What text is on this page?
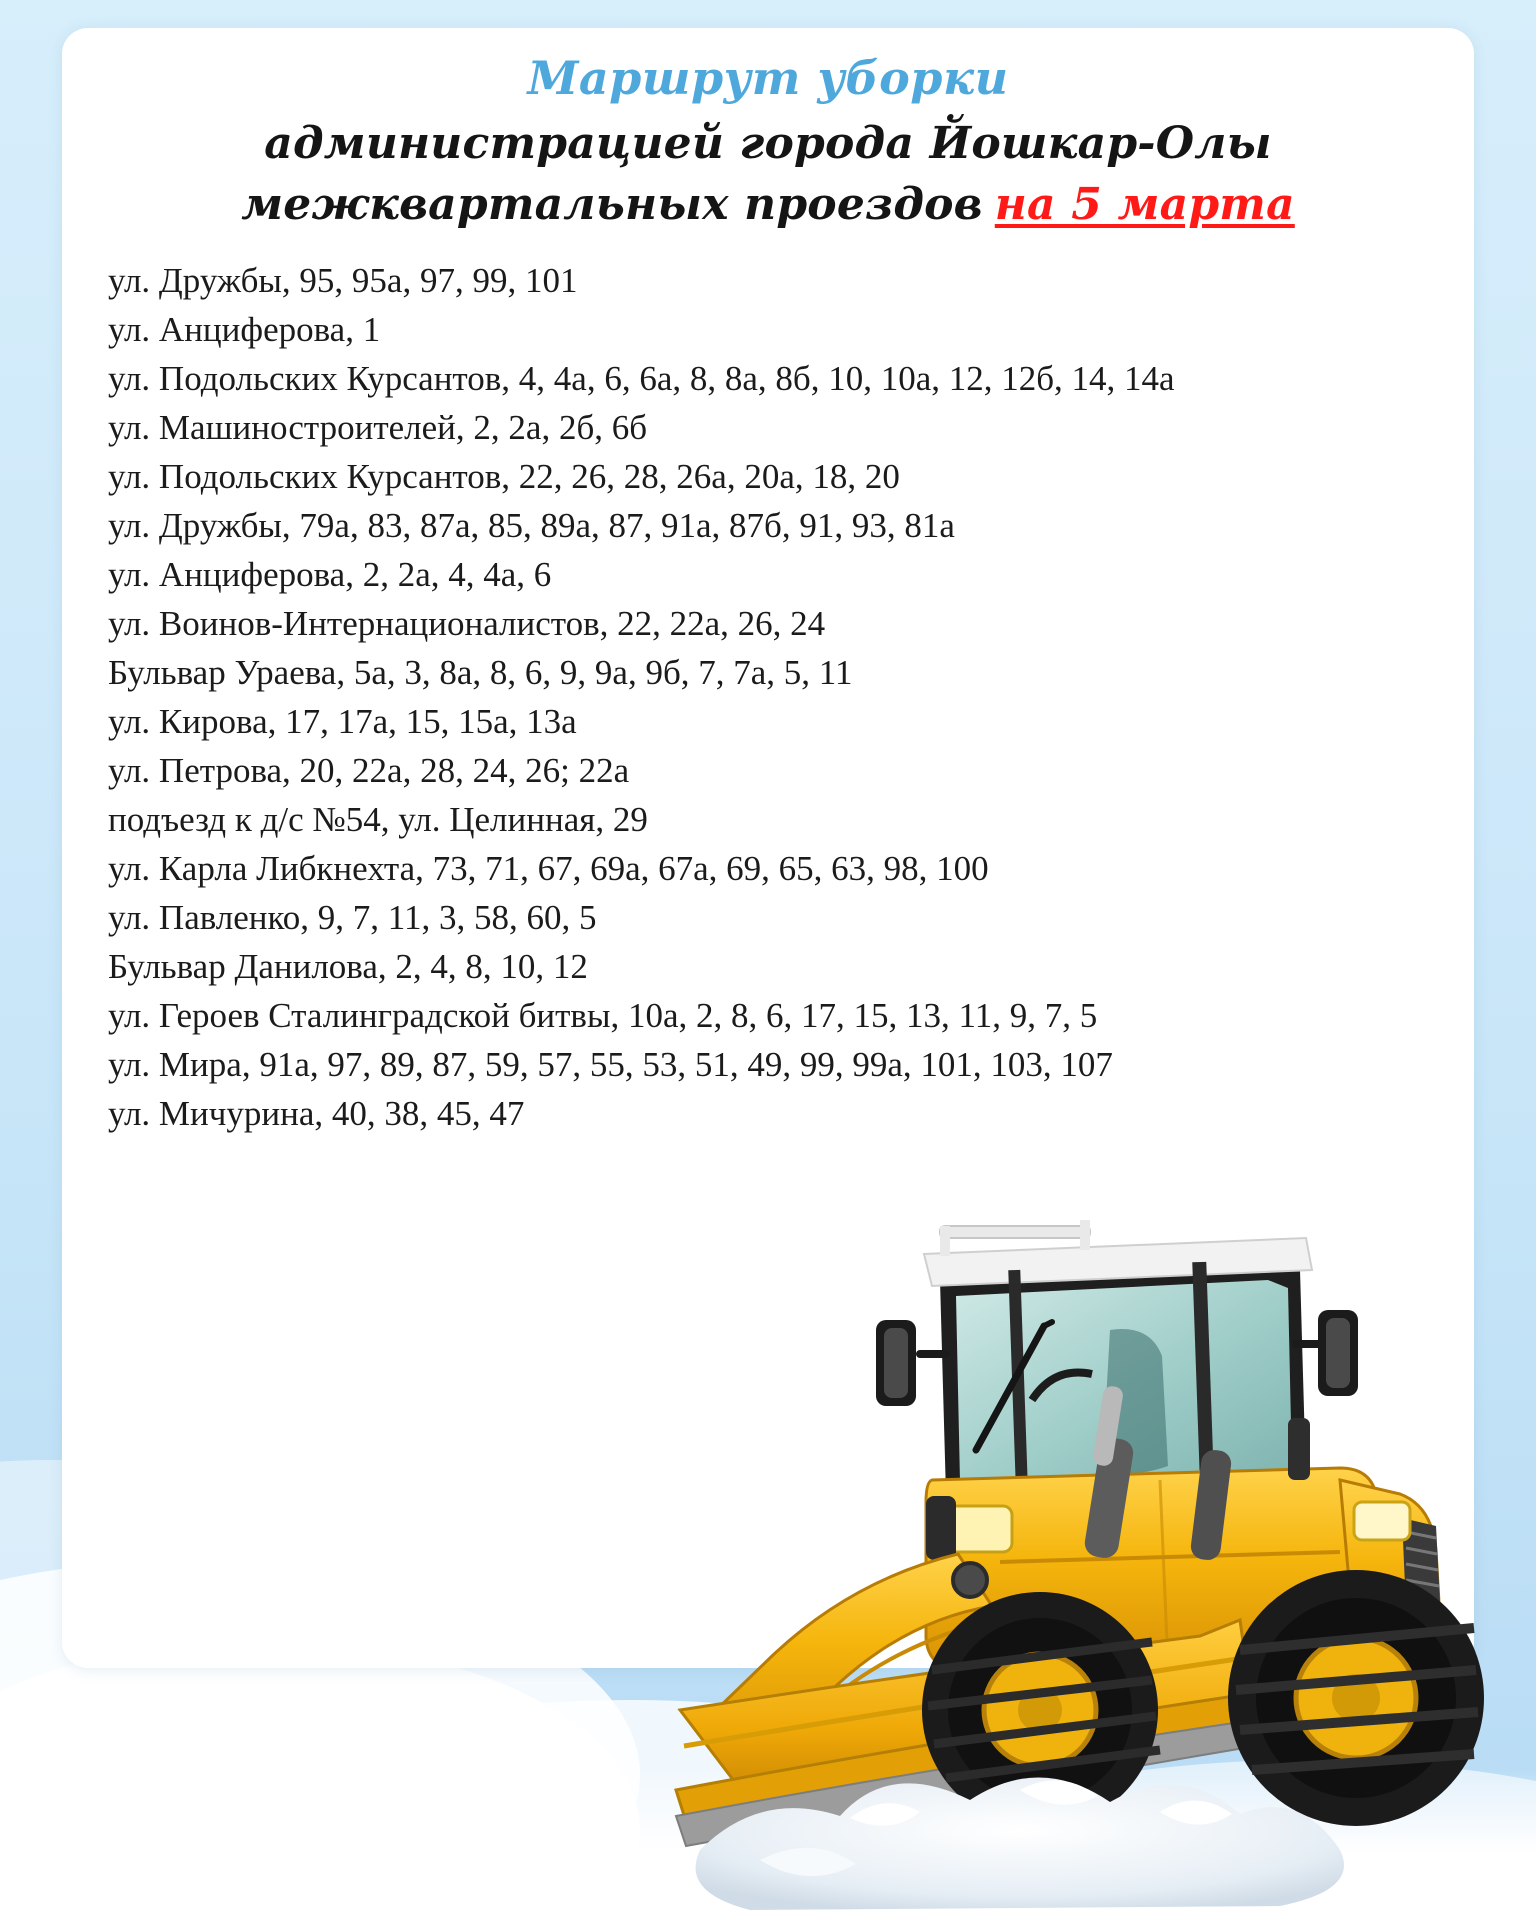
Маршрут уборки
администрацией города Йошкар-Олы
межквартальных проездов на 5 марта
ул. Дружбы, 95, 95а, 97, 99, 101
ул. Анциферова, 1
ул. Подольских Курсантов, 4, 4а, 6, 6а, 8, 8а, 8б, 10, 10а, 12, 12б, 14, 14а
ул. Машиностроителей, 2, 2а, 2б, 6б
ул. Подольских Курсантов, 22, 26, 28, 26а, 20а, 18, 20
ул. Дружбы, 79а, 83, 87а, 85, 89а, 87, 91а, 87б, 91, 93, 81а
ул. Анциферова, 2, 2а, 4, 4а, 6
ул. Воинов-Интернационалистов, 22, 22а, 26, 24
Бульвар Ураева, 5а, 3, 8а, 8, 6, 9, 9а, 9б, 7, 7а, 5, 11
ул. Кирова, 17, 17а, 15, 15а, 13а
ул. Петрова, 20, 22а, 28, 24, 26; 22а
подъезд к д/с №54, ул. Целинная, 29
ул. Карла Либкнехта, 73, 71, 67, 69а, 67а, 69, 65, 63, 98, 100
ул. Павленко, 9, 7, 11, 3, 58, 60, 5
Бульвар Данилова, 2, 4, 8, 10, 12
ул. Героев Сталинградской битвы, 10а, 2, 8, 6, 17, 15, 13, 11, 9, 7, 5
ул. Мира, 91а, 97, 89, 87, 59, 57, 55, 53, 51, 49, 99, 99а, 101, 103, 107
ул. Мичурина, 40, 38, 45, 47
